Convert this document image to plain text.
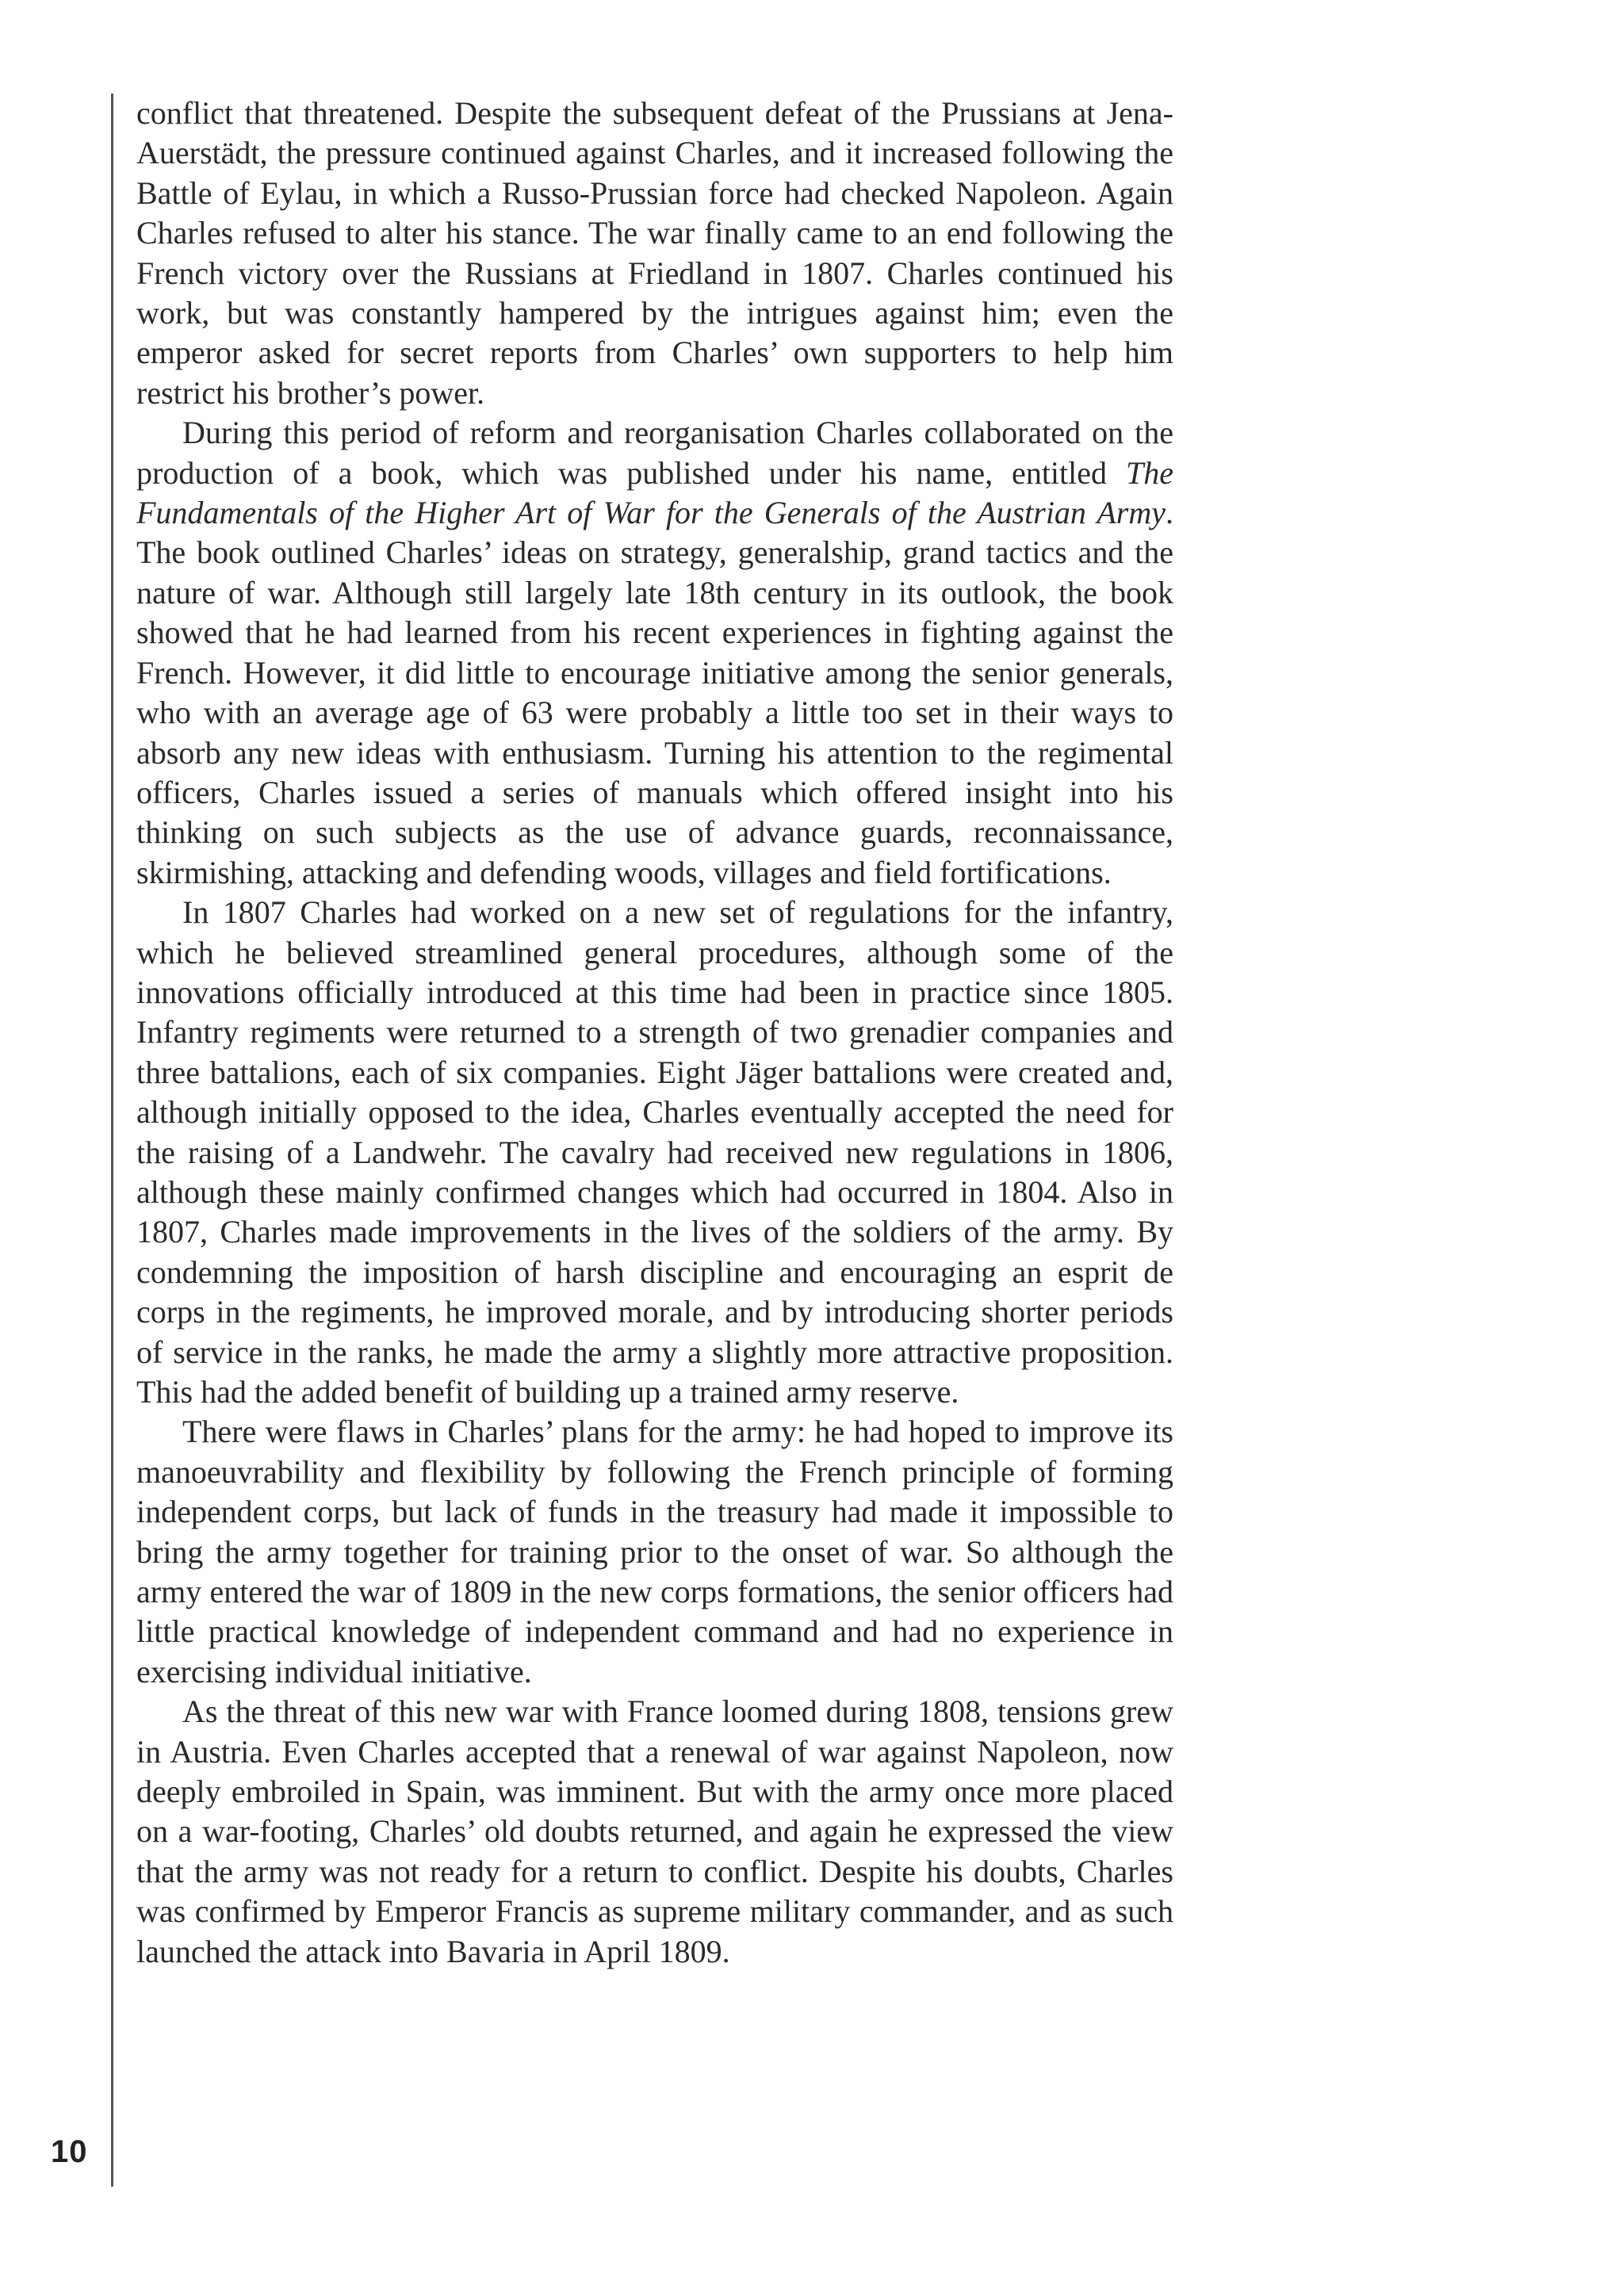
conflict that threatened. Despite the subsequent defeat of the Prussians at Jena-Auerstädt, the pressure continued against Charles, and it increased following the Battle of Eylau, in which a Russo-Prussian force had checked Napoleon. Again Charles refused to alter his stance. The war finally came to an end following the French victory over the Russians at Friedland in 1807. Charles continued his work, but was constantly hampered by the intrigues against him; even the emperor asked for secret reports from Charles’ own supporters to help him restrict his brother’s power.

During this period of reform and reorganisation Charles collaborated on the production of a book, which was published under his name, entitled The Fundamentals of the Higher Art of War for the Generals of the Austrian Army. The book outlined Charles’ ideas on strategy, generalship, grand tactics and the nature of war. Although still largely late 18th century in its outlook, the book showed that he had learned from his recent experiences in fighting against the French. However, it did little to encourage initiative among the senior generals, who with an average age of 63 were probably a little too set in their ways to absorb any new ideas with enthusiasm. Turning his attention to the regimental officers, Charles issued a series of manuals which offered insight into his thinking on such subjects as the use of advance guards, reconnaissance, skirmishing, attacking and defending woods, villages and field fortifications.

In 1807 Charles had worked on a new set of regulations for the infantry, which he believed streamlined general procedures, although some of the innovations officially introduced at this time had been in practice since 1805. Infantry regiments were returned to a strength of two grenadier companies and three battalions, each of six companies. Eight Jäger battalions were created and, although initially opposed to the idea, Charles eventually accepted the need for the raising of a Landwehr. The cavalry had received new regulations in 1806, although these mainly confirmed changes which had occurred in 1804. Also in 1807, Charles made improvements in the lives of the soldiers of the army. By condemning the imposition of harsh discipline and encouraging an esprit de corps in the regiments, he improved morale, and by introducing shorter periods of service in the ranks, he made the army a slightly more attractive proposition. This had the added benefit of building up a trained army reserve.

There were flaws in Charles’ plans for the army: he had hoped to improve its manoeuvrability and flexibility by following the French principle of forming independent corps, but lack of funds in the treasury had made it impossible to bring the army together for training prior to the onset of war. So although the army entered the war of 1809 in the new corps formations, the senior officers had little practical knowledge of independent command and had no experience in exercising individual initiative.

As the threat of this new war with France loomed during 1808, tensions grew in Austria. Even Charles accepted that a renewal of war against Napoleon, now deeply embroiled in Spain, was imminent. But with the army once more placed on a war-footing, Charles’ old doubts returned, and again he expressed the view that the army was not ready for a return to conflict. Despite his doubts, Charles was confirmed by Emperor Francis as supreme military commander, and as such launched the attack into Bavaria in April 1809.

10
